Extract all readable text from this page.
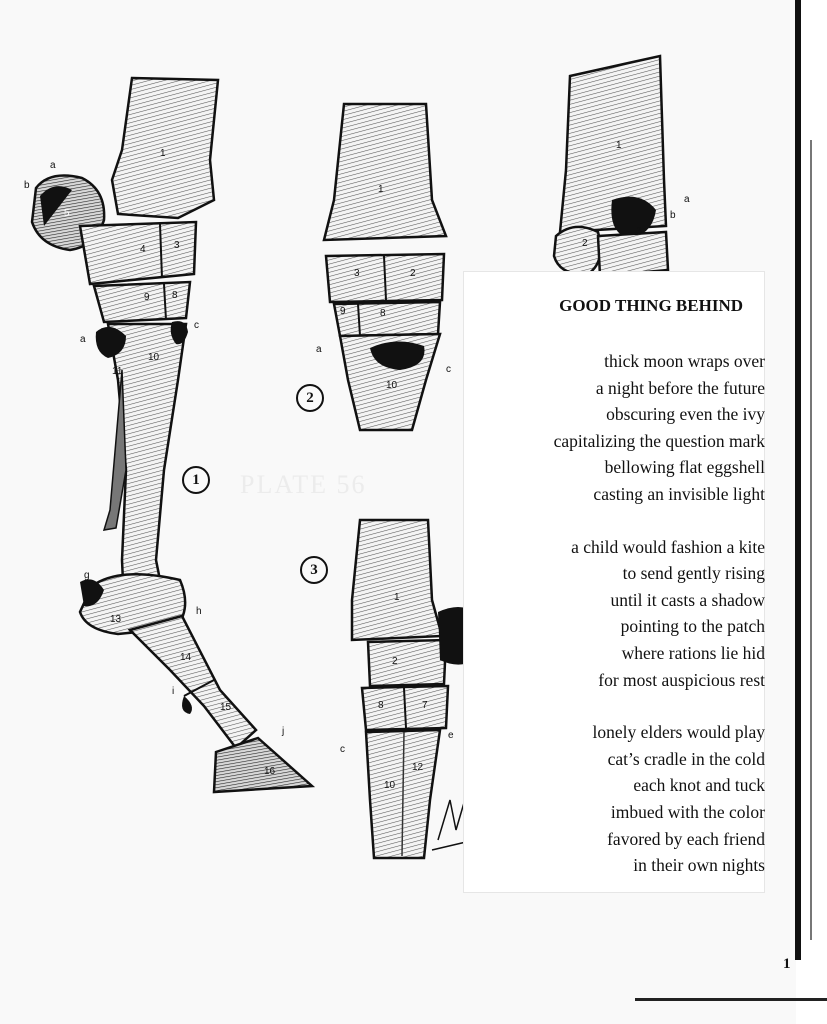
PLATE 56
1
5
4	3
9 8
10
11
13
14
15
16
a
b
a
c
g
h
i
j
1
3	2
9	8
10
a
c
1
2
8	7
12
10
c
e
1
2
3
a
b
1
2
3
GOOD THING BEHIND
thick moon wraps over
a night before the future
obscuring even the ivy
capitalizing the question mark
bellowing flat eggshell
casting an invisible light
a child would fashion a kite
to send gently rising
until it casts a shadow
pointing to the patch
where rations lie hid
for most auspicious rest
lonely elders would play
cat’s cradle in the cold
each knot and tuck
imbued with the color
favored by each friend
in their own nights
1
